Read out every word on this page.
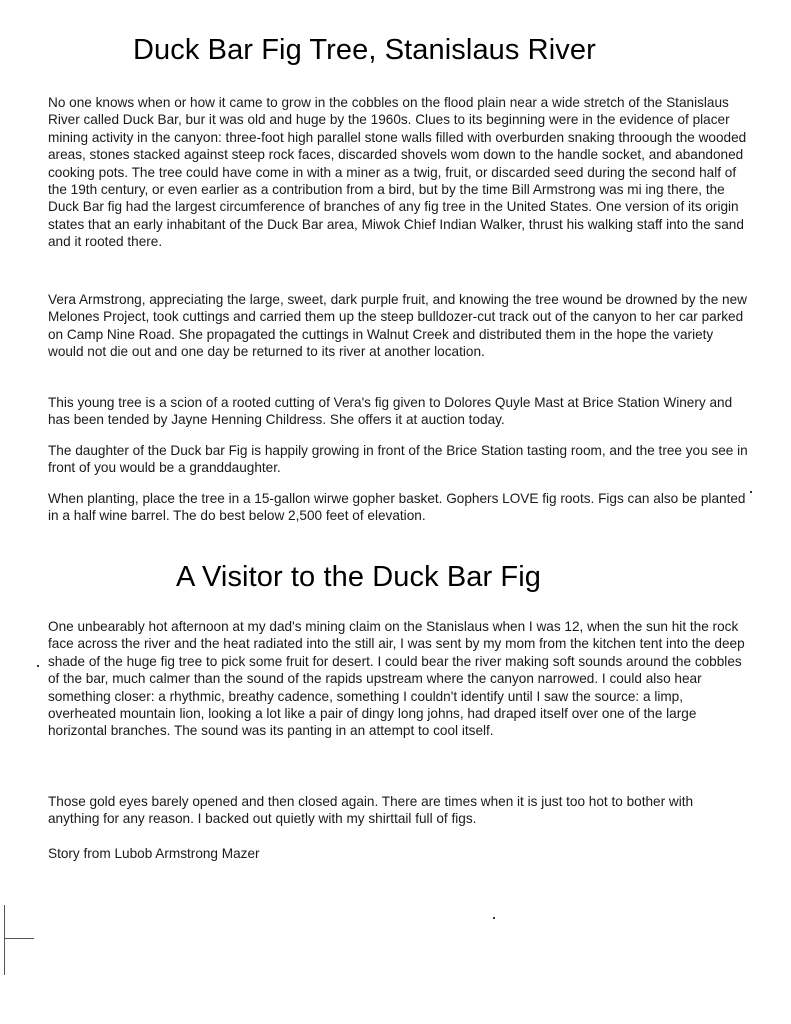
Duck Bar Fig Tree, Stanislaus River

No one knows when or how it came to grow in the cobbles on the flood plain near a wide stretch of the Stanislaus River called Duck Bar, bur it was old and huge by the 1960s. Clues to its beginning were in the evidence of placer mining activity in the canyon: three-foot high parallel stone walls filled with overburden snaking throough the wooded areas, stones stacked against steep rock faces, discarded shovels wom down to the handle socket, and abandoned cooking pots. The tree could have come in with a miner as a twig, fruit, or discarded seed during the second half of the 19th century, or even earlier as a contribution from a bird, but by the time Bill Armstrong was mi ing there, the Duck Bar fig had the largest circumference of branches of any fig tree in the United States. One version of its origin states that an early inhabitant of the Duck Bar area, Miwok Chief Indian Walker, thrust his walking staff into the sand and it rooted there.

Vera Armstrong, appreciating the large, sweet, dark purple fruit, and knowing the tree wound be drowned by the new Melones Project, took cuttings and carried them up the steep bulldozer-cut track out of the canyon to her car parked on Camp Nine Road. She propagated the cuttings in Walnut Creek and distributed them in the hope the variety would not die out and one day be returned to its river at another location.

This young tree is a scion of a rooted cutting of Vera's fig given to Dolores Quyle Mast at Brice Station Winery and has been tended by Jayne Henning Childress. She offers it at auction today.

The daughter of the Duck bar Fig is happily growing in front of the Brice Station tasting room, and the tree you see in front of you would be a granddaughter.

When planting, place the tree in a 15-gallon wirwe gopher basket. Gophers LOVE fig roots. Figs can also be planted in a half wine barrel. The do best below 2,500 feet of elevation.

A Visitor to the Duck Bar Fig

One unbearably hot afternoon at my dad's mining claim on the Stanislaus when I was 12, when the sun hit the rock face across the river and the heat radiated into the still air, I was sent by my mom from the kitchen tent into the deep shade of the huge fig tree to pick some fruit for desert. I could bear the river making soft sounds around the cobbles of the bar, much calmer than the sound of the rapids upstream where the canyon narrowed. I could also hear something closer: a rhythmic, breathy cadence, something I couldn't identify until I saw the source: a limp, overheated mountain lion, looking a lot like a pair of dingy long johns, had draped itself over one of the large horizontal branches. The sound was its panting in an attempt to cool itself.

Those gold eyes barely opened and then closed again. There are times when it is just too hot to bother with anything for any reason. I backed out quietly with my shirttail full of figs.

Story from Lubob Armstrong Mazer
